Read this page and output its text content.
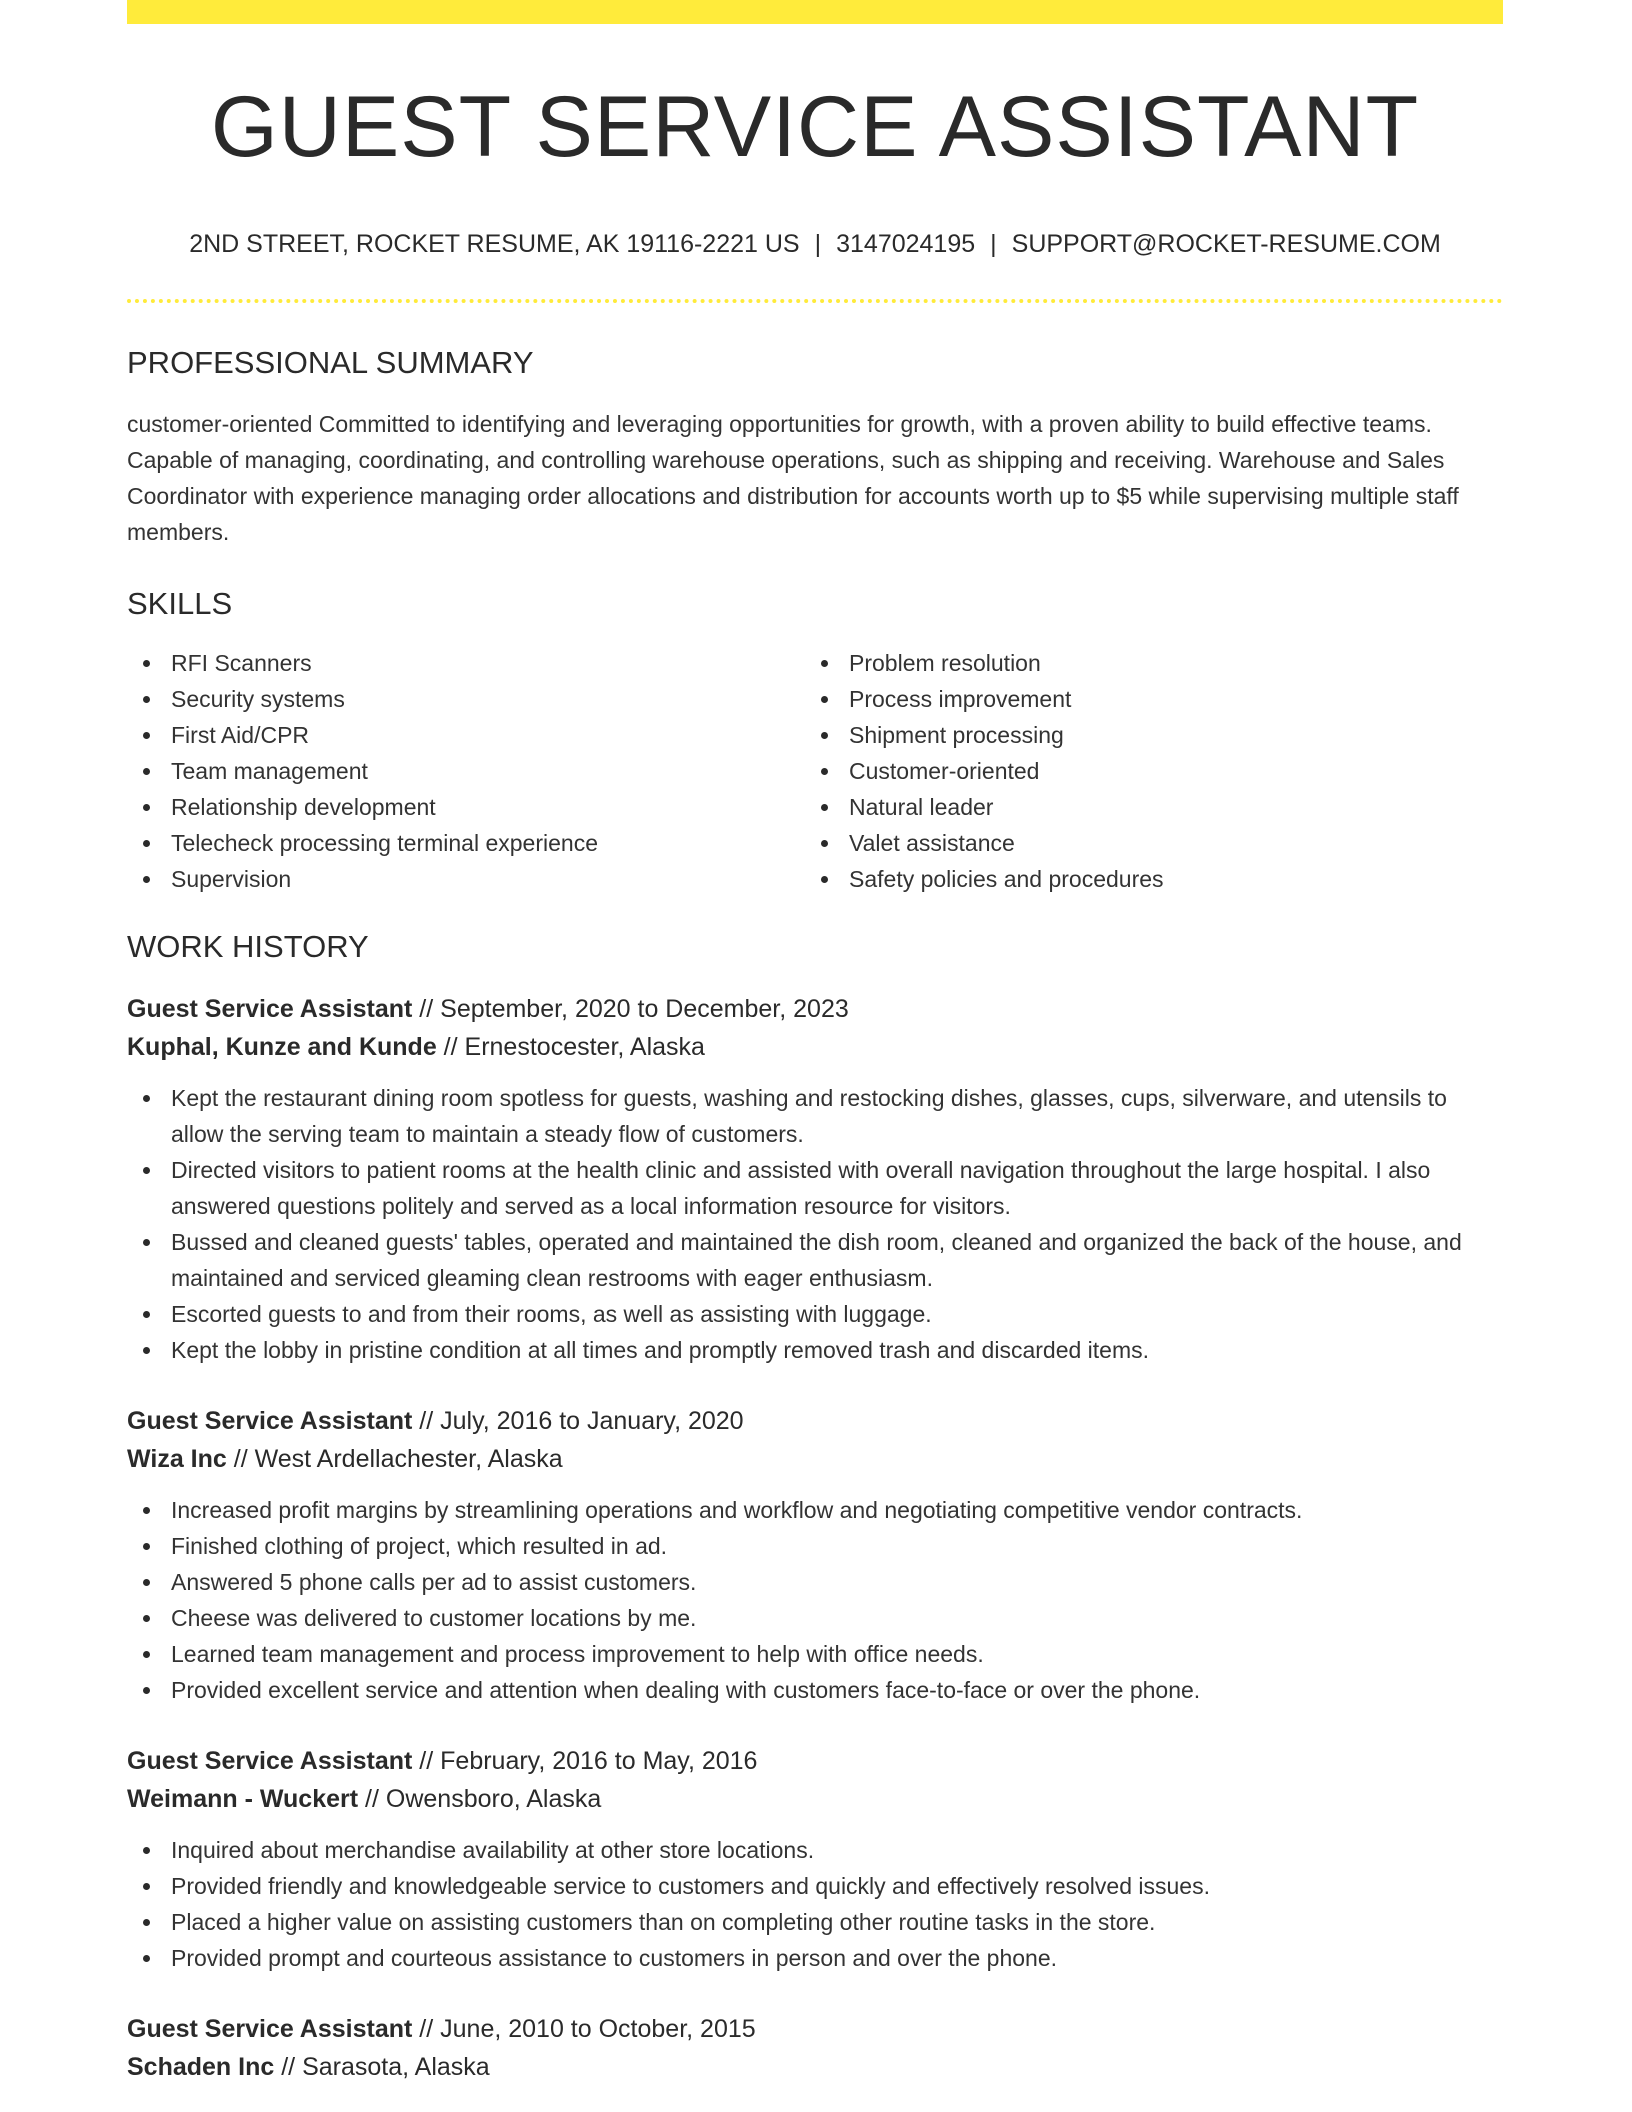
GUEST SERVICE ASSISTANT
2ND STREET, ROCKET RESUME, AK 19116-2221 US | 3147024195 | SUPPORT@ROCKET-RESUME.COM
PROFESSIONAL SUMMARY
customer-oriented Committed to identifying and leveraging opportunities for growth, with a proven ability to build effective teams. Capable of managing, coordinating, and controlling warehouse operations, such as shipping and receiving. Warehouse and Sales Coordinator with experience managing order allocations and distribution for accounts worth up to $5 while supervising multiple staff members.
SKILLS
RFI Scanners
Security systems
First Aid/CPR
Team management
Relationship development
Telecheck processing terminal experience
Supervision
Problem resolution
Process improvement
Shipment processing
Customer-oriented
Natural leader
Valet assistance
Safety policies and procedures
WORK HISTORY
Guest Service Assistant // September, 2020 to December, 2023
Kuphal, Kunze and Kunde // Ernestocester, Alaska
Kept the restaurant dining room spotless for guests, washing and restocking dishes, glasses, cups, silverware, and utensils to allow the serving team to maintain a steady flow of customers.
Directed visitors to patient rooms at the health clinic and assisted with overall navigation throughout the large hospital. I also answered questions politely and served as a local information resource for visitors.
Bussed and cleaned guests' tables, operated and maintained the dish room, cleaned and organized the back of the house, and maintained and serviced gleaming clean restrooms with eager enthusiasm.
Escorted guests to and from their rooms, as well as assisting with luggage.
Kept the lobby in pristine condition at all times and promptly removed trash and discarded items.
Guest Service Assistant // July, 2016 to January, 2020
Wiza Inc // West Ardellachester, Alaska
Increased profit margins by streamlining operations and workflow and negotiating competitive vendor contracts.
Finished clothing of project, which resulted in ad.
Answered 5 phone calls per ad to assist customers.
Cheese was delivered to customer locations by me.
Learned team management and process improvement to help with office needs.
Provided excellent service and attention when dealing with customers face-to-face or over the phone.
Guest Service Assistant // February, 2016 to May, 2016
Weimann - Wuckert // Owensboro, Alaska
Inquired about merchandise availability at other store locations.
Provided friendly and knowledgeable service to customers and quickly and effectively resolved issues.
Placed a higher value on assisting customers than on completing other routine tasks in the store.
Provided prompt and courteous assistance to customers in person and over the phone.
Guest Service Assistant // June, 2010 to October, 2015
Schaden Inc // Sarasota, Alaska
